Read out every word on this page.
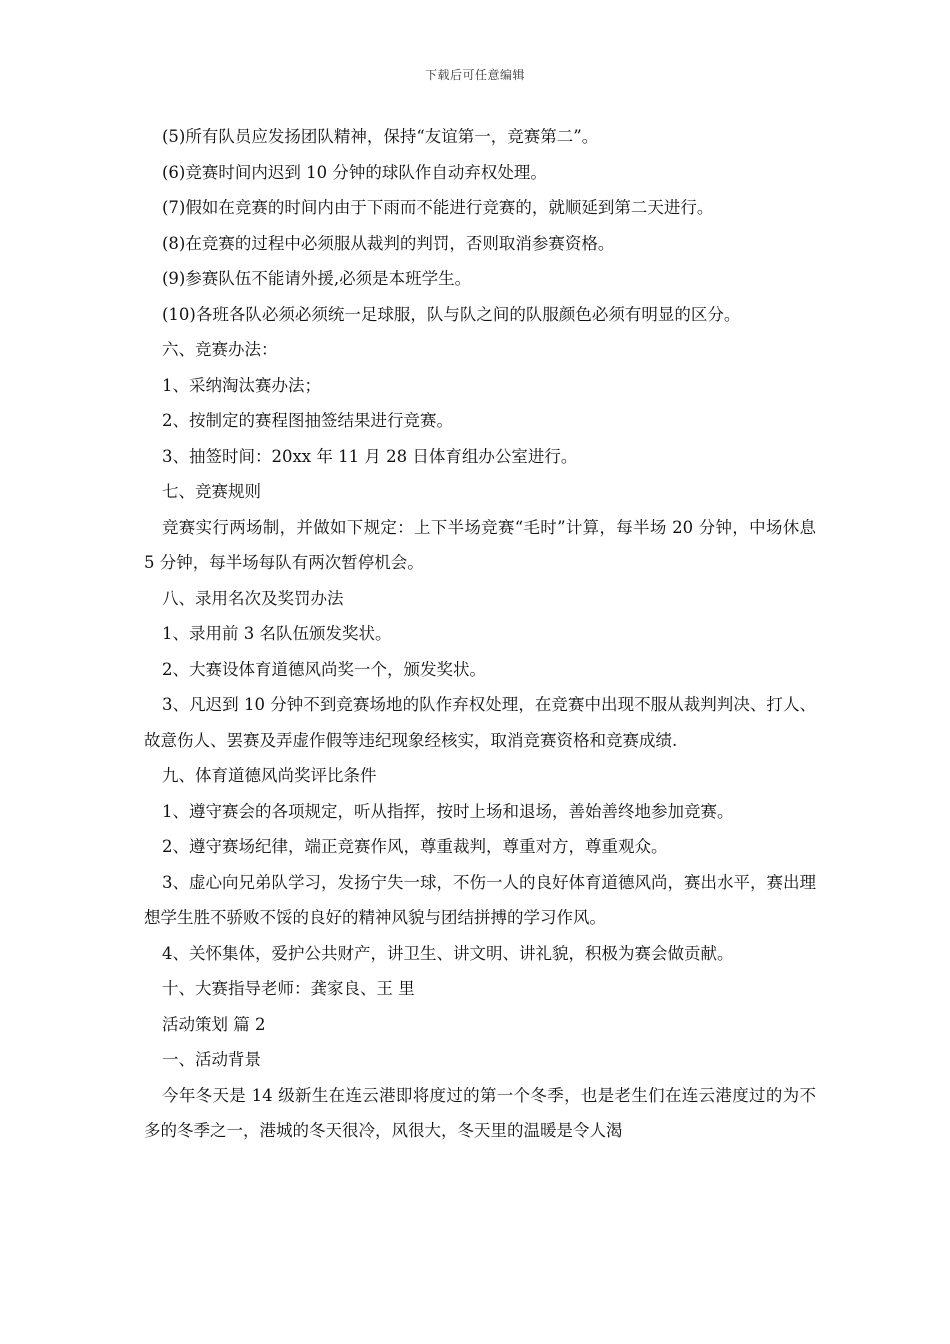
下载后可任意编辑

(5)所有队员应发扬团队精神，保持“友谊第一，竞赛第二”。

(6)竞赛时间内迟到 10 分钟的球队作自动弃权处理。

(7)假如在竞赛的时间内由于下雨而不能进行竞赛的，就顺延到第二天进行。

(8)在竞赛的过程中必须服从裁判的判罚，否则取消参赛资格。

(9)参赛队伍不能请外援,必须是本班学生。

(10)各班各队必须必须统一足球服，队与队之间的队服颜色必须有明显的区分。

六、竞赛办法：

1、采纳淘汰赛办法；

2、按制定的赛程图抽签结果进行竞赛。

3、抽签时间：20xx 年 11 月 28 日体育组办公室进行。

七、竞赛规则

竞赛实行两场制，并做如下规定：上下半场竞赛“毛时”计算，每半场 20 分钟，中场休息 5 分钟，每半场每队有两次暂停机会。

八、录用名次及奖罚办法

1、录用前 3 名队伍颁发奖状。

2、大赛设体育道德风尚奖一个，颁发奖状。

3、凡迟到 10 分钟不到竞赛场地的队作弃权处理，在竞赛中出现不服从裁判判决、打人、故意伤人、罢赛及弄虚作假等违纪现象经核实，取消竞赛资格和竞赛成绩.

九、体育道德风尚奖评比条件

1、遵守赛会的各项规定，听从指挥，按时上场和退场，善始善终地参加竞赛。

2、遵守赛场纪律，端正竞赛作风，尊重裁判，尊重对方，尊重观众。

3、虚心向兄弟队学习，发扬宁失一球，不伤一人的良好体育道德风尚，赛出水平，赛出理想学生胜不骄败不馁的良好的精神风貌与团结拼搏的学习作风。

4、关怀集体，爱护公共财产，讲卫生、讲文明、讲礼貌，积极为赛会做贡献。

十、大赛指导老师：龚家良、王 里

活动策划 篇 2

一、活动背景

今年冬天是 14 级新生在连云港即将度过的第一个冬季，也是老生们在连云港度过的为不多的冬季之一，港城的冬天很冷，风很大，冬天里的温暖是令人渴
